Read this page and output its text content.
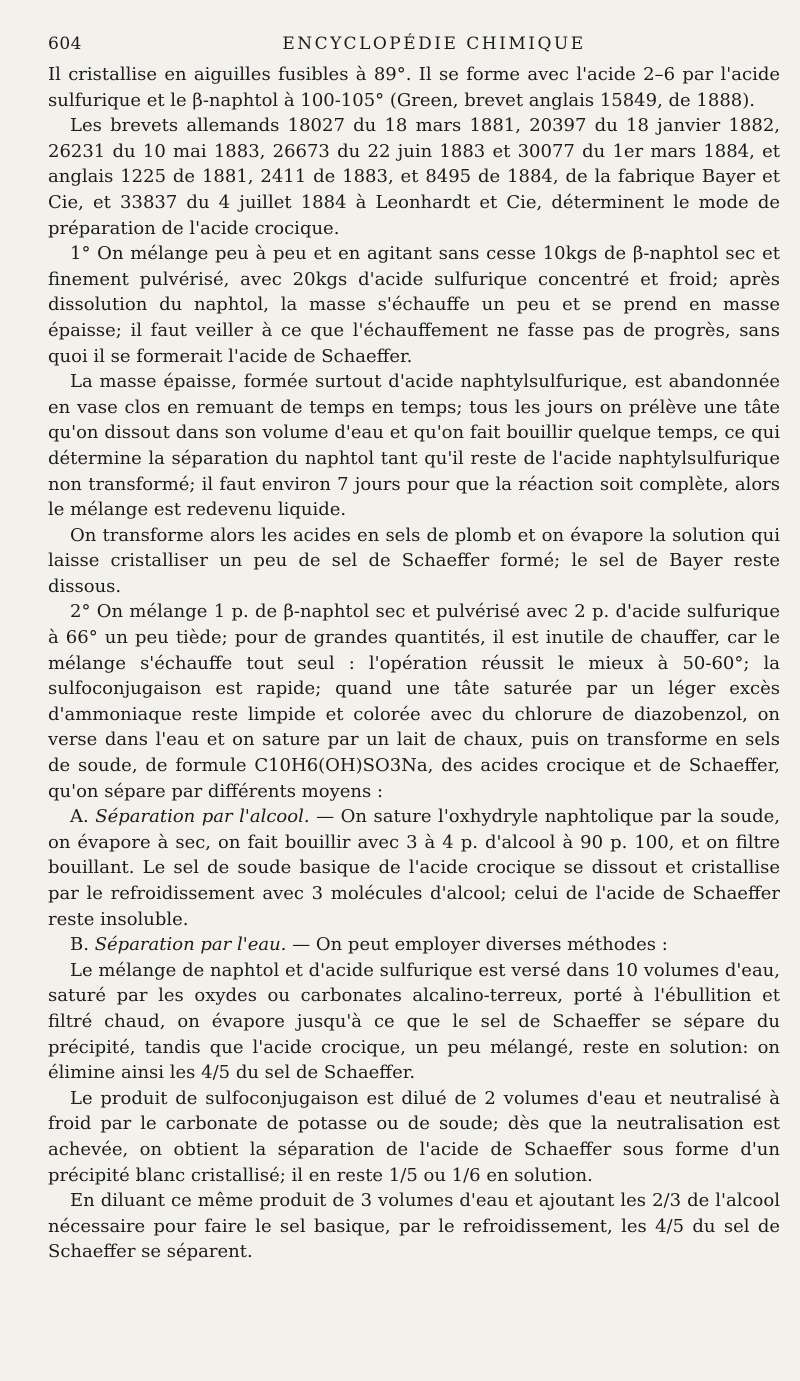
604	ENCYCLOPÉDIE CHIMIQUE

Il cristallise en aiguilles fusibles à 89°. Il se forme avec l'acide 2–6 par l'acide sulfurique et le β-naphtol à 100-105° (Green, brevet anglais 15849, de 1888).

Les brevets allemands 18027 du 18 mars 1881, 20397 du 18 janvier 1882, 26231 du 10 mai 1883, 26673 du 22 juin 1883 et 30077 du 1er mars 1884, et anglais 1225 de 1881, 2411 de 1883, et 8495 de 1884, de la fabrique Bayer et Cie, et 33837 du 4 juillet 1884 à Leonhardt et Cie, déterminent le mode de préparation de l'acide crocique.

1° On mélange peu à peu et en agitant sans cesse 10kgs de β-naphtol sec et finement pulvérisé, avec 20kgs d'acide sulfurique concentré et froid; après dissolution du naphtol, la masse s'échauffe un peu et se prend en masse épaisse; il faut veiller à ce que l'échauffement ne fasse pas de progrès, sans quoi il se formerait l'acide de Schaeffer.

La masse épaisse, formée surtout d'acide naphtylsulfurique, est abandonnée en vase clos en remuant de temps en temps; tous les jours on prélève une tâte qu'on dissout dans son volume d'eau et qu'on fait bouillir quelque temps, ce qui détermine la séparation du naphtol tant qu'il reste de l'acide naphtylsulfurique non transformé; il faut environ 7 jours pour que la réaction soit complète, alors le mélange est redevenu liquide.

On transforme alors les acides en sels de plomb et on évapore la solution qui laisse cristalliser un peu de sel de Schaeffer formé; le sel de Bayer reste dissous.

2° On mélange 1 p. de β-naphtol sec et pulvérisé avec 2 p. d'acide sulfurique à 66° un peu tiède; pour de grandes quantités, il est inutile de chauffer, car le mélange s'échauffe tout seul : l'opération réussit le mieux à 50-60°; la sulfoconjugaison est rapide; quand une tâte saturée par un léger excès d'ammoniaque reste limpide et colorée avec du chlorure de diazobenzol, on verse dans l'eau et on sature par un lait de chaux, puis on transforme en sels de soude, de formule C10H6(OH)SO3Na, des acides crocique et de Schaeffer, qu'on sépare par différents moyens :

A. Séparation par l'alcool. — On sature l'oxhydryle naphtolique par la soude, on évapore à sec, on fait bouillir avec 3 à 4 p. d'alcool à 90 p. 100, et on filtre bouillant. Le sel de soude basique de l'acide crocique se dissout et cristallise par le refroidissement avec 3 molécules d'alcool; celui de l'acide de Schaeffer reste insoluble.

B. Séparation par l'eau. — On peut employer diverses méthodes :

Le mélange de naphtol et d'acide sulfurique est versé dans 10 volumes d'eau, saturé par les oxydes ou carbonates alcalino-terreux, porté à l'ébullition et filtré chaud, on évapore jusqu'à ce que le sel de Schaeffer se sépare du précipité, tandis que l'acide crocique, un peu mélangé, reste en solution: on élimine ainsi les 4/5 du sel de Schaeffer.

Le produit de sulfoconjugaison est dilué de 2 volumes d'eau et neutralisé à froid par le carbonate de potasse ou de soude; dès que la neutralisation est achevée, on obtient la séparation de l'acide de Schaeffer sous forme d'un précipité blanc cristallisé; il en reste 1/5 ou 1/6 en solution.

En diluant ce même produit de 3 volumes d'eau et ajoutant les 2/3 de l'alcool nécessaire pour faire le sel basique, par le refroidissement, les 4/5 du sel de Schaeffer se séparent.
